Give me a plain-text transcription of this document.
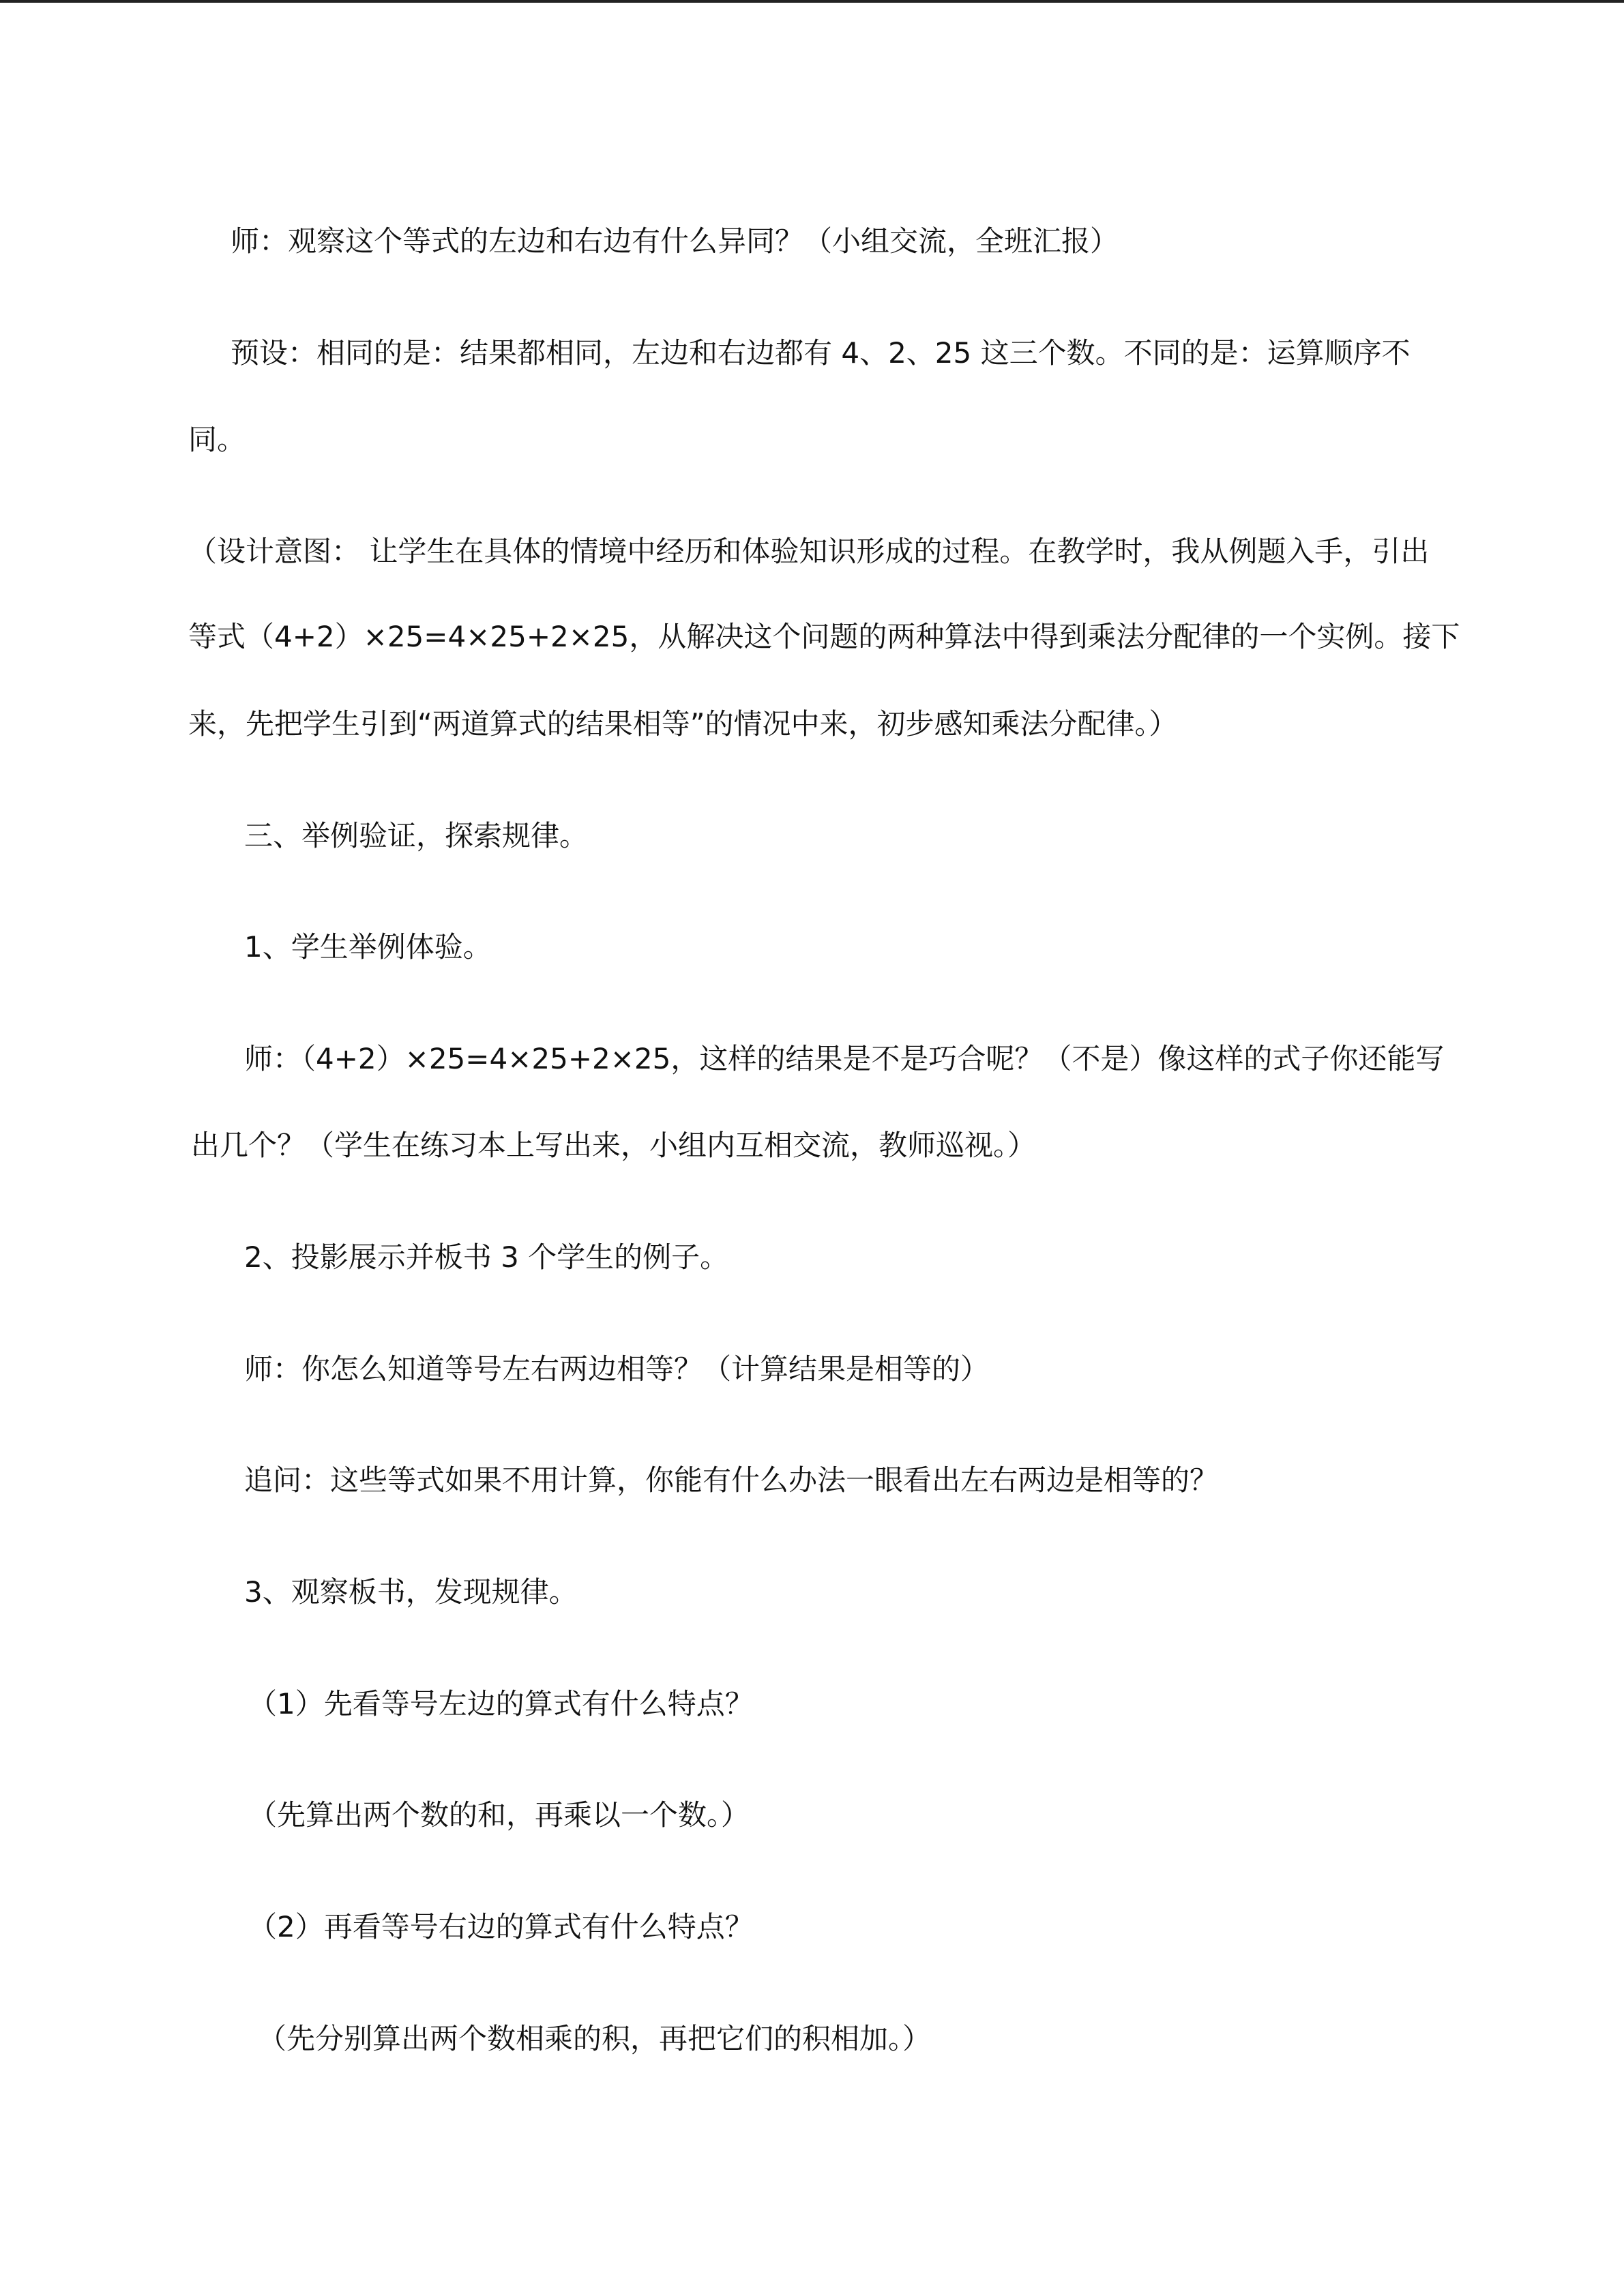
师：观察这个等式的左边和右边有什么异同？（小组交流，全班汇报）
预设：相同的是：结果都相同，左边和右边都有 4、2、25 这三个数。不同的是：运算顺序不
同。
（设计意图： 让学生在具体的情境中经历和体验知识形成的过程。在教学时，我从例题入手，引出
等式（4+2）×25=4×25+2×25，从解决这个问题的两种算法中得到乘法分配律的一个实例。接下
来，先把学生引到“两道算式的结果相等”的情况中来，初步感知乘法分配律。）
三、举例验证，探索规律。
1、学生举例体验。
师：（4+2）×25=4×25+2×25，这样的结果是不是巧合呢？（不是）像这样的式子你还能写
出几个？（学生在练习本上写出来，小组内互相交流，教师巡视。）
2、投影展示并板书 3 个学生的例子。
师：你怎么知道等号左右两边相等？（计算结果是相等的）
追问：这些等式如果不用计算，你能有什么办法一眼看出左右两边是相等的？
3、观察板书，发现规律。
（1）先看等号左边的算式有什么特点？
（先算出两个数的和，再乘以一个数。）
（2）再看等号右边的算式有什么特点？
（先分别算出两个数相乘的积，再把它们的积相加。）
